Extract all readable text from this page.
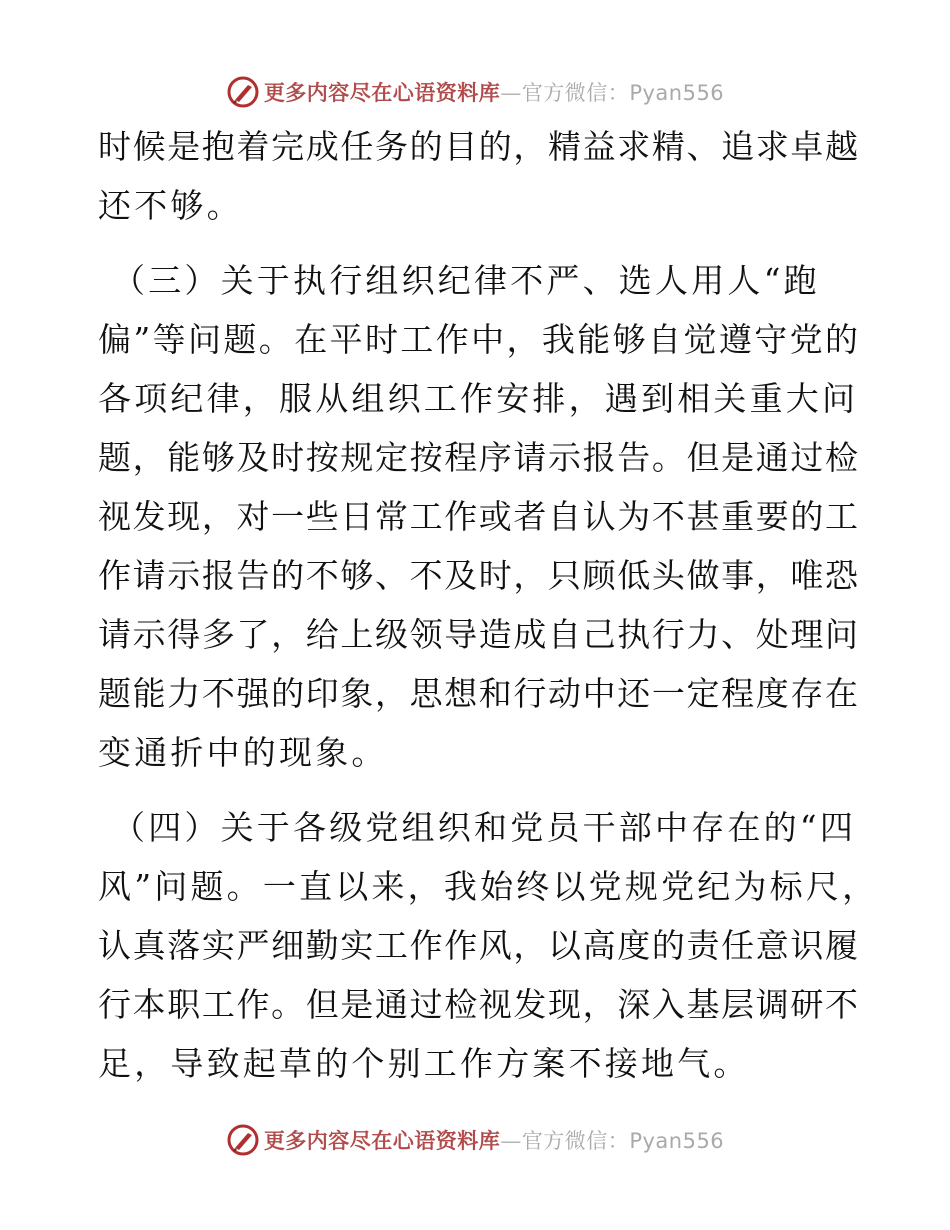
更多内容尽在心语资料库—官方微信：Pyan556
时候是抱着完成任务的目的，精益求精、追求卓越
还不够。
（三）关于执行组织纪律不严、选人用人“跑
偏”等问题。在平时工作中，我能够自觉遵守党的
各项纪律，服从组织工作安排，遇到相关重大问
题，能够及时按规定按程序请示报告。但是通过检
视发现，对一些日常工作或者自认为不甚重要的工
作请示报告的不够、不及时，只顾低头做事，唯恐
请示得多了，给上级领导造成自己执行力、处理问
题能力不强的印象，思想和行动中还一定程度存在
变通折中的现象。
（四）关于各级党组织和党员干部中存在的“四
风”问题。一直以来，我始终以党规党纪为标尺，
认真落实严细勤实工作作风，以高度的责任意识履
行本职工作。但是通过检视发现，深入基层调研不
足，导致起草的个别工作方案不接地气。
更多内容尽在心语资料库—官方微信：Pyan556
